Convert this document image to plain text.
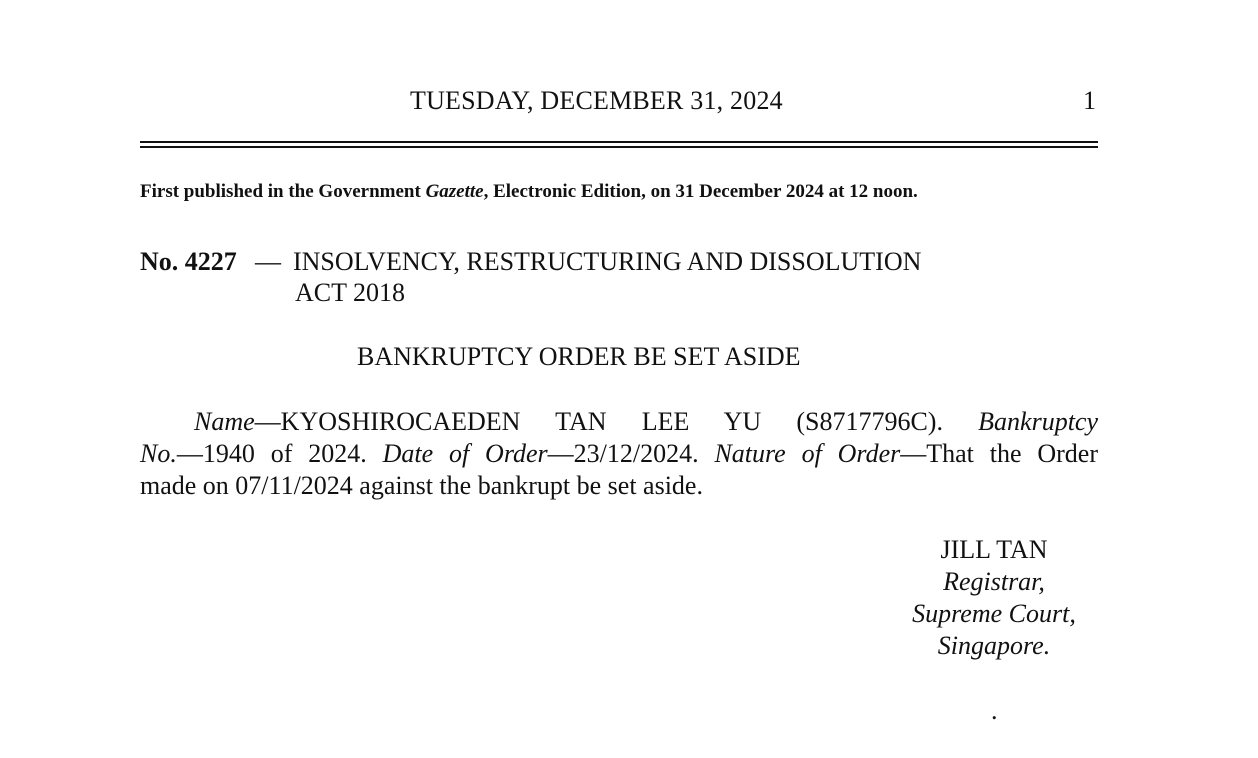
TUESDAY, DECEMBER 31, 2024	1
First published in the Government Gazette, Electronic Edition, on 31 December 2024 at 12 noon.
No. 4227 — INSOLVENCY, RESTRUCTURING AND DISSOLUTION
ACT 2018
BANKRUPTCY ORDER BE SET ASIDE
Name—KYOSHIROCAEDEN TAN LEE YU (S8717796C). Bankruptcy
No.—1940 of 2024. Date of Order—23/12/2024. Nature of Order—That the Order
made on 07/11/2024 against the bankrupt be set aside.
JILL TAN
Registrar,
Supreme Court,
Singapore.
.
